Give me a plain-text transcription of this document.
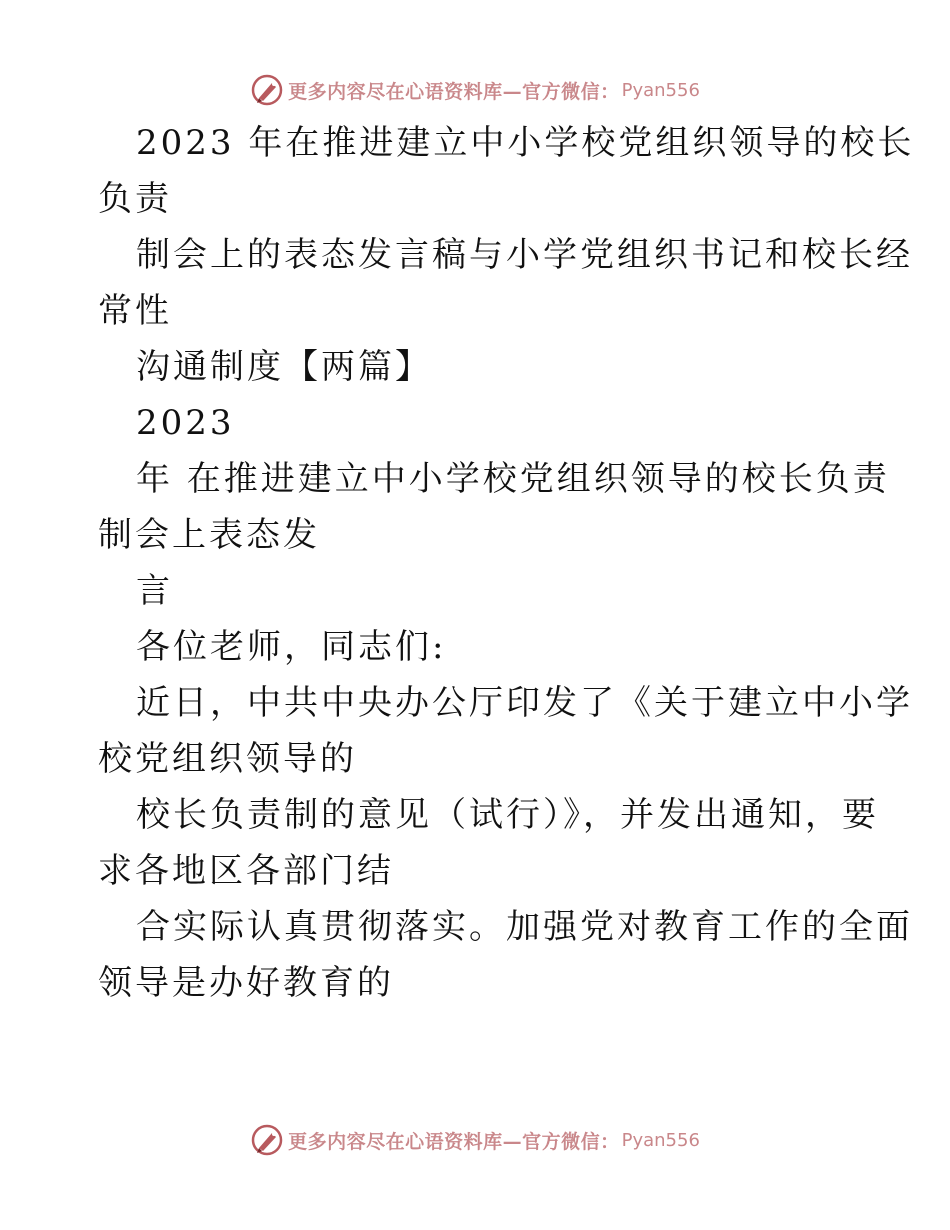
更多内容尽在心语资料库—官方微信： Pyan556
2023 年在推进建立中小学校党组织领导的校长
负责
制会上的表态发言稿与小学党组织书记和校长经
常性
沟通制度【两篇】
2023
年 在推进建立中小学校党组织领导的校长负责
制会上表态发
言
各位老师，同志们:
近日，中共中央办公厅印发了《关于建立中小学
校党组织领导的
校长负责制的意见（试行）》，并发出通知，要
求各地区各部门结
合实际认真贯彻落实。加强党对教育工作的全面
领导是办好教育的
更多内容尽在心语资料库—官方微信： Pyan556
